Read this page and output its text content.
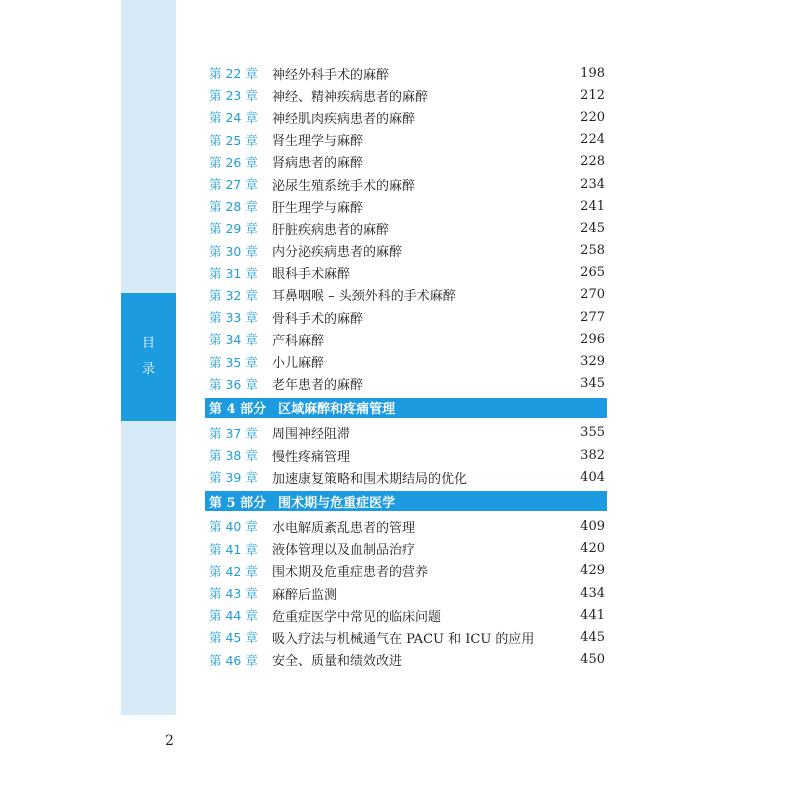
目
录
第 22 章	神经外科手术的麻醉	198
第 23 章	神经、精神疾病患者的麻醉	212
第 24 章	神经肌肉疾病患者的麻醉	220
第 25 章	肾生理学与麻醉	224
第 26 章	肾病患者的麻醉	228
第 27 章	泌尿生殖系统手术的麻醉	234
第 28 章	肝生理学与麻醉	241
第 29 章	肝脏疾病患者的麻醉	245
第 30 章	内分泌疾病患者的麻醉	258
第 31 章	眼科手术麻醉	265
第 32 章	耳鼻咽喉 – 头颈外科的手术麻醉	270
第 33 章	骨科手术的麻醉	277
第 34 章	产科麻醉	296
第 35 章	小儿麻醉	329
第 36 章	老年患者的麻醉	345
第 4 部分 区域麻醉和疼痛管理
第 37 章	周围神经阻滞	355
第 38 章	慢性疼痛管理	382
第 39 章	加速康复策略和围术期结局的优化	404
第 5 部分 围术期与危重症医学
第 40 章	水电解质紊乱患者的管理	409
第 41 章	液体管理以及血制品治疗	420
第 42 章	围术期及危重症患者的营养	429
第 43 章	麻醉后监测	434
第 44 章	危重症医学中常见的临床问题	441
第 45 章	吸入疗法与机械通气在 PACU 和 ICU 的应用	445
第 46 章	安全、质量和绩效改进	450
2
